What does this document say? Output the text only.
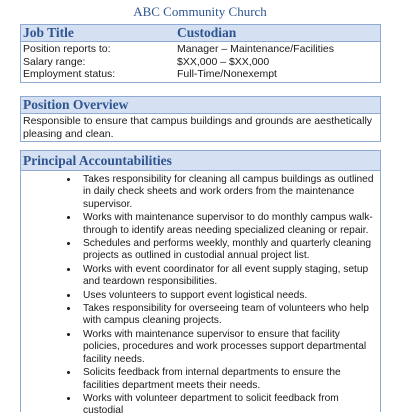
ABC Community Church
Job Title	Custodian
Position reports to:	Manager – Maintenance/Facilities
Salary range:	$XX,000 – $XX,000
Employment status:	Full-Time/Nonexempt
Position Overview
Responsible to ensure that campus buildings and grounds are aesthetically pleasing and clean.
Principal Accountabilities
• Takes responsibility for cleaning all campus buildings as outlined in daily check sheets and work orders from the maintenance supervisor.
• Works with maintenance supervisor to do monthly campus walk-through to identify areas needing specialized cleaning or repair.
• Schedules and performs weekly, monthly and quarterly cleaning projects as outlined in custodial annual project list.
• Works with event coordinator for all event supply staging, setup and teardown responsibilities.
• Uses volunteers to support event logistical needs.
• Takes responsibility for overseeing team of volunteers who help with campus cleaning projects.
• Works with maintenance supervisor to ensure that facility policies, procedures and work processes support departmental facility needs.
• Solicits feedback from internal departments to ensure the facilities department meets their needs.
• Works with volunteer department to solicit feedback from custodial
